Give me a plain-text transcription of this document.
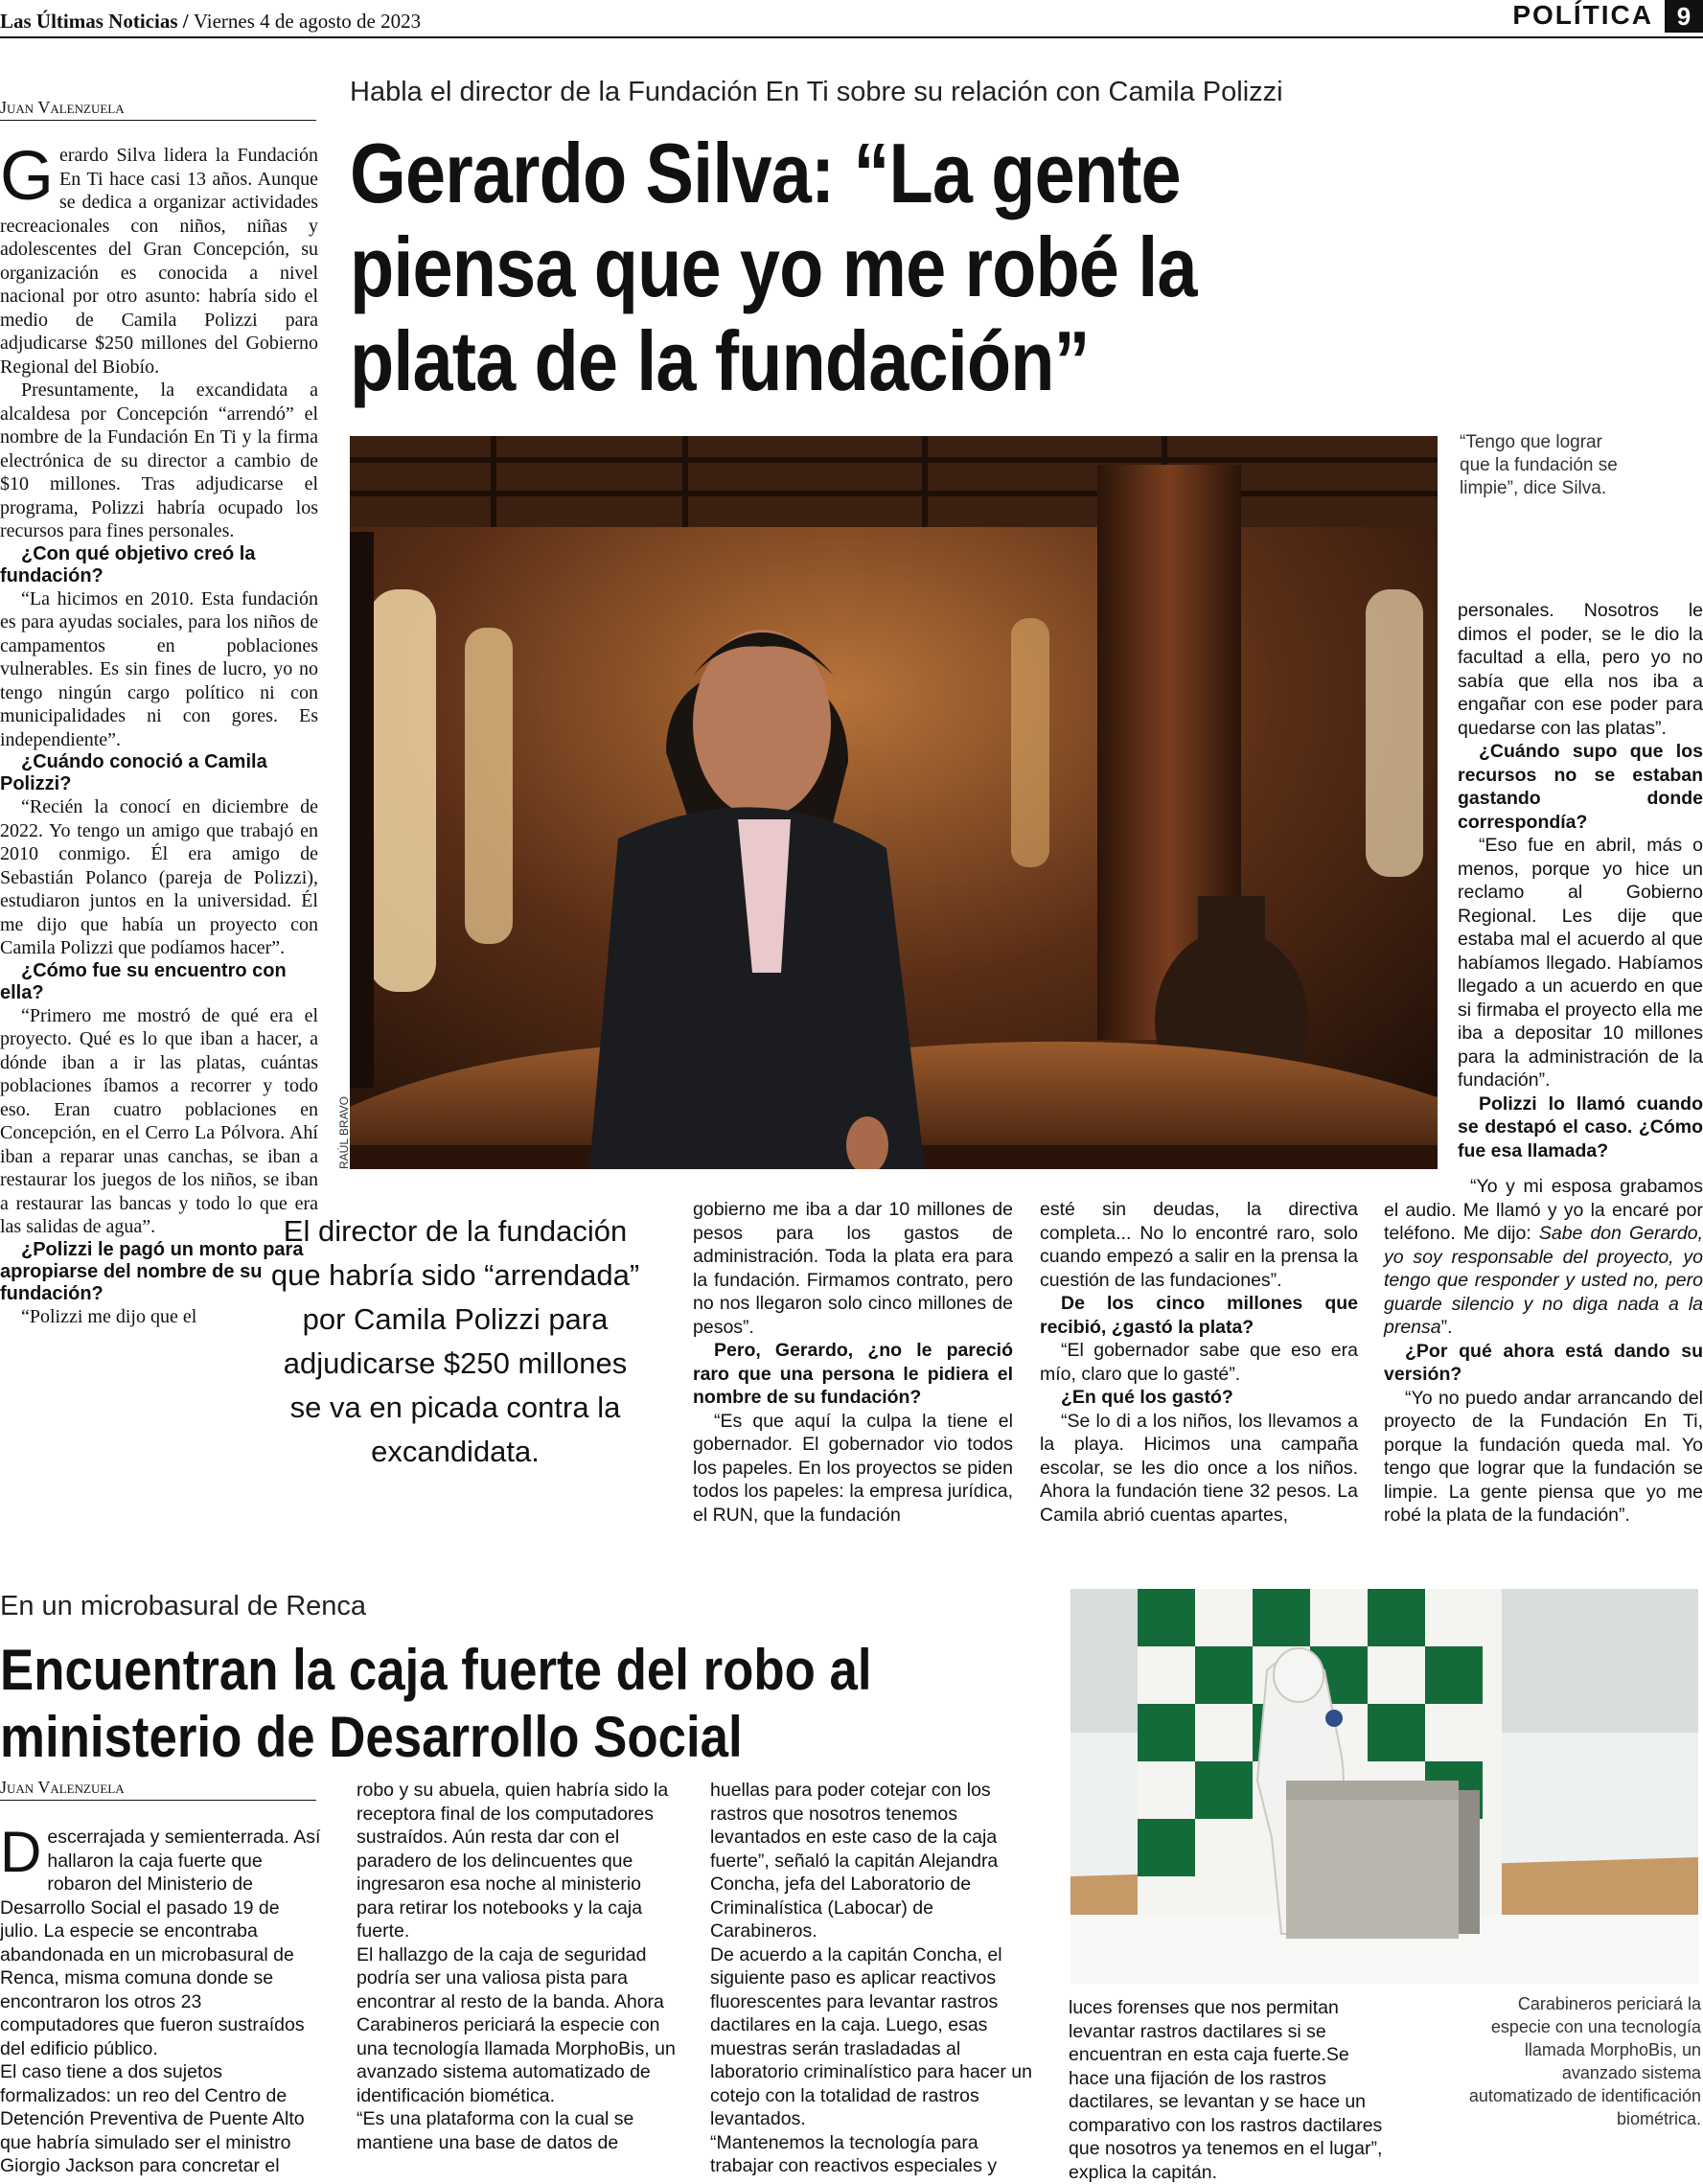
Las Últimas Noticias / Viernes 4 de agosto de 2023	POLÍTICA 9
Juan Valenzuela	Habla el director de la Fundación En Ti sobre su relación con Camila Polizzi
Gerardo Silva: “La gente piensa que yo me robé la plata de la fundación”

Gerardo Silva lidera la Fundación En Ti hace casi 13 años. Aunque se dedica a organizar actividades recreacionales con niños, niñas y adolescentes del Gran Concepción, su organización es conocida a nivel nacional por otro asunto: habría sido el medio de Camila Polizzi para adjudicarse $250 millones del Gobierno Regional del Biobío.

Presuntamente, la excandidata a alcaldesa por Concepción “arrendó” el nombre de la Fundación En Ti y la firma electrónica de su director a cambio de $10 millones. Tras adjudicarse el programa, Polizzi habría ocupado los recursos para fines personales.

¿Con qué objetivo creó la fundación?

“La hicimos en 2010. Esta fundación es para ayudas sociales, para los niños de campamentos en poblaciones vulnerables. Es sin fines de lucro, yo no tengo ningún cargo político ni con municipalidades ni con gores. Es independiente”.

¿Cuándo conoció a Camila Polizzi?

“Recién la conocí en diciembre de 2022. Yo tengo un amigo que trabajó en 2010 conmigo. Él era amigo de Sebastián Polanco (pareja de Polizzi), estudiaron juntos en la universidad. Él me dijo que había un proyecto con Camila Polizzi que podíamos hacer”.

¿Cómo fue su encuentro con ella?

“Primero me mostró de qué era el proyecto. Qué es lo que iban a hacer, a dónde iban a ir las platas, cuántas poblaciones íbamos a recorrer y todo eso. Eran cuatro poblaciones en Concepción, en el Cerro La Pólvora. Ahí iban a reparar unas canchas, se iban a restaurar los juegos de los niños, se iban a restaurar las bancas y todo lo que era las salidas de agua”.

¿Polizzi le pagó un monto para apropiarse del nombre de su fundación?

“Polizzi me dijo que el

RAÚL BRAVO
“Tengo que lograr que la fundación se limpie”, dice Silva.
El director de la fundación que habría sido “arrendada” por Camila Polizzi para adjudicarse $250 millones se va en picada contra la excandidata.

gobierno me iba a dar 10 millones de pesos para los gastos de administración. Toda la plata era para la fundación. Firmamos contrato, pero no nos llegaron solo cinco millones de pesos”.

Pero, Gerardo, ¿no le pareció raro que una persona le pidiera el nombre de su fundación?

“Es que aquí la culpa la tiene el gobernador. El gobernador vio todos los papeles. En los proyectos se piden todos los papeles: la empresa jurídica, el RUN, que la fundación

esté sin deudas, la directiva completa... No lo encontré raro, solo cuando empezó a salir en la prensa la cuestión de las fundaciones”.

De los cinco millones que recibió, ¿gastó la plata?

“El gobernador sabe que eso era mío, claro que lo gasté”.

¿En qué los gastó?

“Se lo di a los niños, los llevamos a la playa. Hicimos una campaña escolar, se les dio once a los niños. Ahora la fundación tiene 32 pesos. La Camila abrió cuentas apartes,

personales. Nosotros le dimos el poder, se le dio la facultad a ella, pero yo no sabía que ella nos iba a engañar con ese poder para quedarse con las platas”.

¿Cuándo supo que los recursos no se estaban gastando donde correspondía?

“Eso fue en abril, más o menos, porque yo hice un reclamo al Gobierno Regional. Les dije que estaba mal el acuerdo al que habíamos llegado. Habíamos llegado a un acuerdo en que si firmaba el proyecto ella me iba a depositar 10 millones para la administración de la fundación”.

Polizzi lo llamó cuando se destapó el caso. ¿Cómo fue esa llamada?

“Yo y mi esposa grabamos el audio. Me llamó y yo la encaré por teléfono. Me dijo: Sabe don Gerardo, yo soy responsable del proyecto, yo tengo que responder y usted no, pero guarde silencio y no diga nada a la prensa”.

¿Por qué ahora está dando su versión?

“Yo no puedo andar arrancando del proyecto de la Fundación En Ti, porque la fundación queda mal. Yo tengo que lograr que la fundación se limpie. La gente piensa que yo me robé la plata de la fundación”.

En un microbasural de Renca
Encuentran la caja fuerte del robo al ministerio de Desarrollo Social
Juan Valenzuela

Descerrajada y semienterrada. Así hallaron la caja fuerte que robaron del Ministerio de Desarrollo Social el pasado 19 de julio. La especie se encontraba abandonada en un microbasural de Renca, misma comuna donde se encontraron los otros 23 computadores que fueron sustraídos del edificio público.

El caso tiene a dos sujetos formalizados: un reo del Centro de Detención Preventiva de Puente Alto que habría simulado ser el ministro Giorgio Jackson para concretar el

robo y su abuela, quien habría sido la receptora final de los computadores sustraídos. Aún resta dar con el paradero de los delincuentes que ingresaron esa noche al ministerio para retirar los notebooks y la caja fuerte.

El hallazgo de la caja de seguridad podría ser una valiosa pista para encontrar al resto de la banda. Ahora Carabineros periciará la especie con una tecnología llamada MorphoBis, un avanzado sistema automatizado de identificación biomética.

“Es una plataforma con la cual se mantiene una base de datos de

huellas para poder cotejar con los rastros que nosotros tenemos levantados en este caso de la caja fuerte”, señaló la capitán Alejandra Concha, jefa del Laboratorio de Criminalística (Labocar) de Carabineros.

De acuerdo a la capitán Concha, el siguiente paso es aplicar reactivos fluorescentes para levantar rastros dactilares en la caja. Luego, esas muestras serán trasladadas al laboratorio criminalístico para hacer un cotejo con la totalidad de rastros levantados.

“Mantenemos la tecnología para trabajar con reactivos especiales y

luces forenses que nos permitan levantar rastros dactilares si se encuentran en esta caja fuerte.Se hace una fijación de los rastros dactilares, se levantan y se hace un comparativo con los rastros dactilares que nosotros ya tenemos en el lugar”, explica la capitán.

Carabineros periciará la especie con una tecnología llamada MorphoBis, un avanzado sistema automatizado de identificación biométrica.
